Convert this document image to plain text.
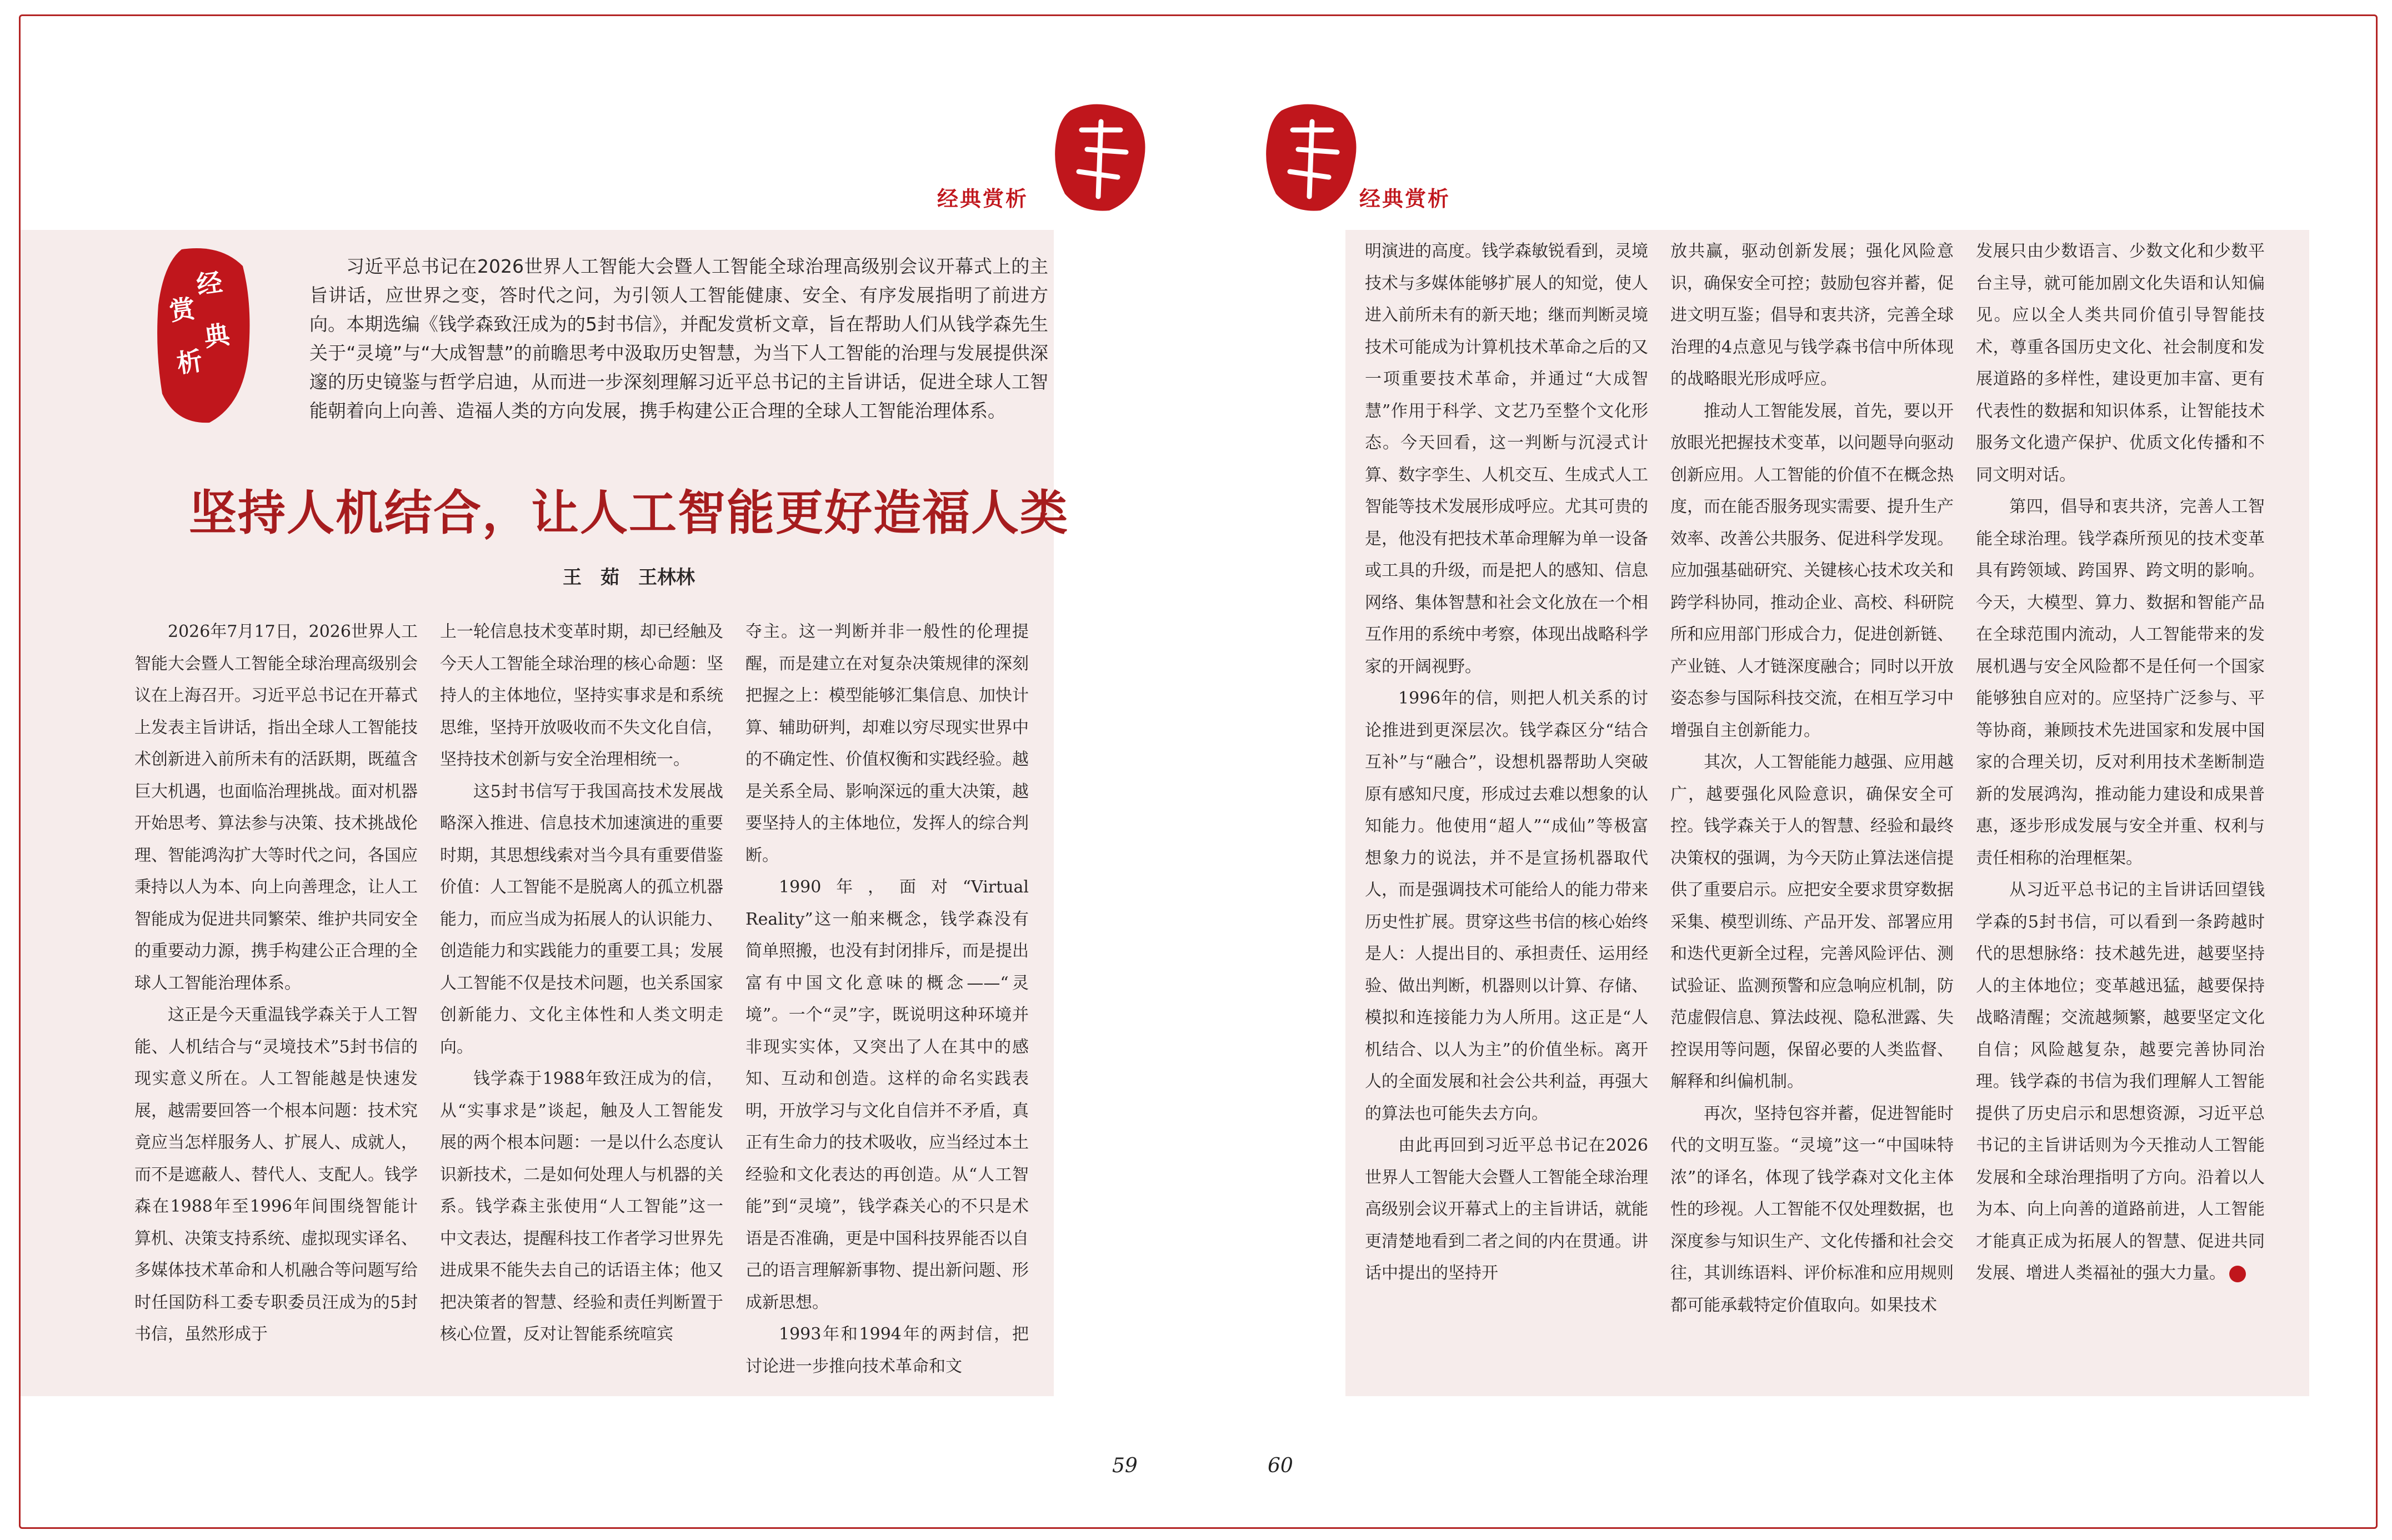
经典赏析	经典赏析
经典赏析
习近平总书记在2026世界人工智能大会暨人工智能全球治理高级别会议开幕式上的主旨讲话，应世界之变，答时代之问，为引领人工智能健康、安全、有序发展指明了前进方向。本期选编《钱学森致汪成为的5封书信》，并配发赏析文章，旨在帮助人们从钱学森先生关于“灵境”与“大成智慧”的前瞻思考中汲取历史智慧，为当下人工智能的治理与发展提供深邃的历史镜鉴与哲学启迪，从而进一步深刻理解习近平总书记的主旨讲话，促进全球人工智能朝着向上向善、造福人类的方向发展，携手构建公正合理的全球人工智能治理体系。
坚持人机结合，让人工智能更好造福人类
王　茹　王林林

2026年7月17日，2026世界人工智能大会暨人工智能全球治理高级别会议在上海召开。习近平总书记在开幕式上发表主旨讲话，指出全球人工智能技术创新进入前所未有的活跃期，既蕴含巨大机遇，也面临治理挑战。面对机器开始思考、算法参与决策、技术挑战伦理、智能鸿沟扩大等时代之问，各国应秉持以人为本、向上向善理念，让人工智能成为促进共同繁荣、维护共同安全的重要动力源，携手构建公正合理的全球人工智能治理体系。

这正是今天重温钱学森关于人工智能、人机结合与“灵境技术”5封书信的现实意义所在。人工智能越是快速发展，越需要回答一个根本问题：技术究竟应当怎样服务人、扩展人、成就人，而不是遮蔽人、替代人、支配人。钱学森在1988年至1996年间围绕智能计算机、决策支持系统、虚拟现实译名、多媒体技术革命和人机融合等问题写给时任国防科工委专职委员汪成为的5封书信，虽然形成于

上一轮信息技术变革时期，却已经触及今天人工智能全球治理的核心命题：坚持人的主体地位，坚持实事求是和系统思维，坚持开放吸收而不失文化自信，坚持技术创新与安全治理相统一。

这5封书信写于我国高技术发展战略深入推进、信息技术加速演进的重要时期，其思想线索对当今具有重要借鉴价值：人工智能不是脱离人的孤立机器能力，而应当成为拓展人的认识能力、创造能力和实践能力的重要工具；发展人工智能不仅是技术问题，也关系国家创新能力、文化主体性和人类文明走向。

钱学森于1988年致汪成为的信，从“实事求是”谈起，触及人工智能发展的两个根本问题：一是以什么态度认识新技术，二是如何处理人与机器的关系。钱学森主张使用“人工智能”这一中文表达，提醒科技工作者学习世界先进成果不能失去自己的话语主体；他又把决策者的智慧、经验和责任判断置于核心位置，反对让智能系统喧宾

夺主。这一判断并非一般性的伦理提醒，而是建立在对复杂决策规律的深刻把握之上：模型能够汇集信息、加快计算、辅助研判，却难以穷尽现实世界中的不确定性、价值权衡和实践经验。越是关系全局、影响深远的重大决策，越要坚持人的主体地位，发挥人的综合判断。

1990年，面对“Virtual Reality”这一舶来概念，钱学森没有简单照搬，也没有封闭排斥，而是提出富有中国文化意味的概念——“灵境”。一个“灵”字，既说明这种环境并非现实实体，又突出了人在其中的感知、互动和创造。这样的命名实践表明，开放学习与文化自信并不矛盾，真正有生命力的技术吸收，应当经过本土经验和文化表达的再创造。从“人工智能”到“灵境”，钱学森关心的不只是术语是否准确，更是中国科技界能否以自己的语言理解新事物、提出新问题、形成新思想。

1993年和1994年的两封信，把讨论进一步推向技术革命和文

明演进的高度。钱学森敏锐看到，灵境技术与多媒体能够扩展人的知觉，使人进入前所未有的新天地；继而判断灵境技术可能成为计算机技术革命之后的又一项重要技术革命，并通过“大成智慧”作用于科学、文艺乃至整个文化形态。今天回看，这一判断与沉浸式计算、数字孪生、人机交互、生成式人工智能等技术发展形成呼应。尤其可贵的是，他没有把技术革命理解为单一设备或工具的升级，而是把人的感知、信息网络、集体智慧和社会文化放在一个相互作用的系统中考察，体现出战略科学家的开阔视野。

1996年的信，则把人机关系的讨论推进到更深层次。钱学森区分“结合互补”与“融合”，设想机器帮助人突破原有感知尺度，形成过去难以想象的认知能力。他使用“超人”“成仙”等极富想象力的说法，并不是宣扬机器取代人，而是强调技术可能给人的能力带来历史性扩展。贯穿这些书信的核心始终是人：人提出目的、承担责任、运用经验、做出判断，机器则以计算、存储、模拟和连接能力为人所用。这正是“人机结合、以人为主”的价值坐标。离开人的全面发展和社会公共利益，再强大的算法也可能失去方向。

由此再回到习近平总书记在2026世界人工智能大会暨人工智能全球治理高级别会议开幕式上的主旨讲话，就能更清楚地看到二者之间的内在贯通。讲话中提出的坚持开

放共赢，驱动创新发展；强化风险意识，确保安全可控；鼓励包容并蓄，促进文明互鉴；倡导和衷共济，完善全球治理的4点意见与钱学森书信中所体现的战略眼光形成呼应。

推动人工智能发展，首先，要以开放眼光把握技术变革，以问题导向驱动创新应用。人工智能的价值不在概念热度，而在能否服务现实需要、提升生产效率、改善公共服务、促进科学发现。应加强基础研究、关键核心技术攻关和跨学科协同，推动企业、高校、科研院所和应用部门形成合力，促进创新链、产业链、人才链深度融合；同时以开放姿态参与国际科技交流，在相互学习中增强自主创新能力。

其次，人工智能能力越强、应用越广，越要强化风险意识，确保安全可控。钱学森关于人的智慧、经验和最终决策权的强调，为今天防止算法迷信提供了重要启示。应把安全要求贯穿数据采集、模型训练、产品开发、部署应用和迭代更新全过程，完善风险评估、测试验证、监测预警和应急响应机制，防范虚假信息、算法歧视、隐私泄露、失控误用等问题，保留必要的人类监督、解释和纠偏机制。

再次，坚持包容并蓄，促进智能时代的文明互鉴。“灵境”这一“中国味特浓”的译名，体现了钱学森对文化主体性的珍视。人工智能不仅处理数据，也深度参与知识生产、文化传播和社会交往，其训练语料、评价标准和应用规则都可能承载特定价值取向。如果技术

发展只由少数语言、少数文化和少数平台主导，就可能加剧文化失语和认知偏见。应以全人类共同价值引导智能技术，尊重各国历史文化、社会制度和发展道路的多样性，建设更加丰富、更有代表性的数据和知识体系，让智能技术服务文化遗产保护、优质文化传播和不同文明对话。

第四，倡导和衷共济，完善人工智能全球治理。钱学森所预见的技术变革具有跨领域、跨国界、跨文明的影响。今天，大模型、算力、数据和智能产品在全球范围内流动，人工智能带来的发展机遇与安全风险都不是任何一个国家能够独自应对的。应坚持广泛参与、平等协商，兼顾技术先进国家和发展中国家的合理关切，反对利用技术垄断制造新的发展鸿沟，推动能力建设和成果普惠，逐步形成发展与安全并重、权利与责任相称的治理框架。

从习近平总书记的主旨讲话回望钱学森的5封书信，可以看到一条跨越时代的思想脉络：技术越先进，越要坚持人的主体地位；变革越迅猛，越要保持战略清醒；交流越频繁，越要坚定文化自信；风险越复杂，越要完善协同治理。钱学森的书信为我们理解人工智能提供了历史启示和思想资源，习近平总书记的主旨讲话则为今天推动人工智能发展和全球治理指明了方向。沿着以人为本、向上向善的道路前进，人工智能才能真正成为拓展人的智慧、促进共同发展、增进人类福祉的强大力量。

59	60
